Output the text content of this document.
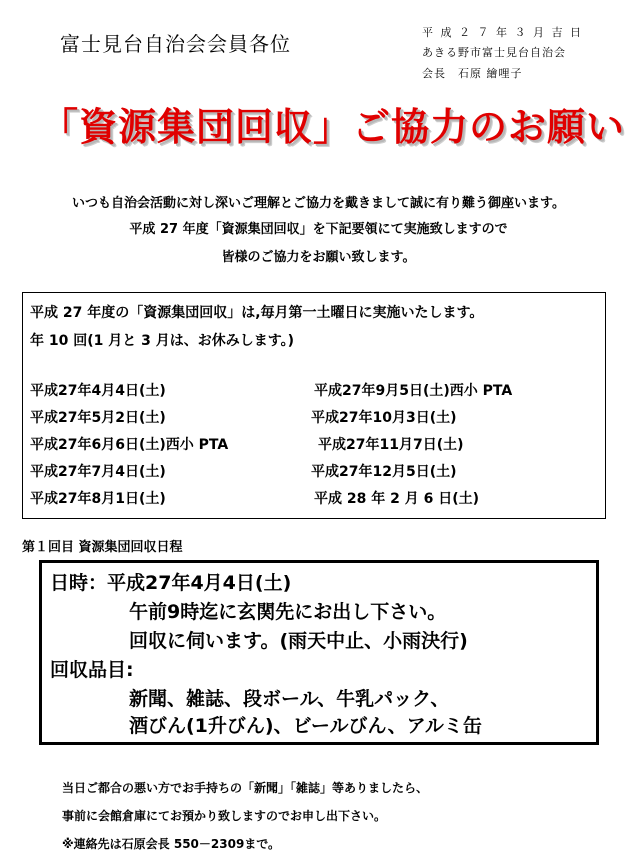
富士見台自治会会員各位	平 成 ２ ７ 年 ３ 月 吉 日
あきる野市富士見台自治会
会長　石原 繪哩子
「資源集団回収」ご協力のお願い
いつも自治会活動に対し深いご理解とご協力を戴きまして誠に有り難う御座います。
平成 27 年度「資源集団回収」を下記要領にて実施致しますので
皆様のご協力をお願い致します。
平成 27 年度の「資源集団回収」は,毎月第一土曜日に実施いたします。
年 10 回(1 月と 3 月は、お休みします。)
平成27年4月4日(土)
平成27年5月2日(土)
平成27年6月6日(土)西小 PTA
平成27年7月4日(土)
平成27年8月1日(土)
平成27年9月5日(土)西小 PTA
平成27年10月3日(土)
平成27年11月7日(土)
平成27年12月5日(土)
平成 28 年 2 月 6 日(土)
第１回目 資源集団回収日程
日時：平成27年4月4日(土)
午前9時迄に玄関先にお出し下さい。
回収に伺います。(雨天中止、小雨決行)
回収品目:
新聞、雑誌、段ボール、牛乳パック、
酒びん(1升びん)、ビールびん、アルミ缶
当日ご都合の悪い方でお手持ちの「新聞」「雑誌」等ありましたら、
事前に会館倉庫にてお預かり致しますのでお申し出下さい。
※連絡先は石原会長 550－2309まで。
